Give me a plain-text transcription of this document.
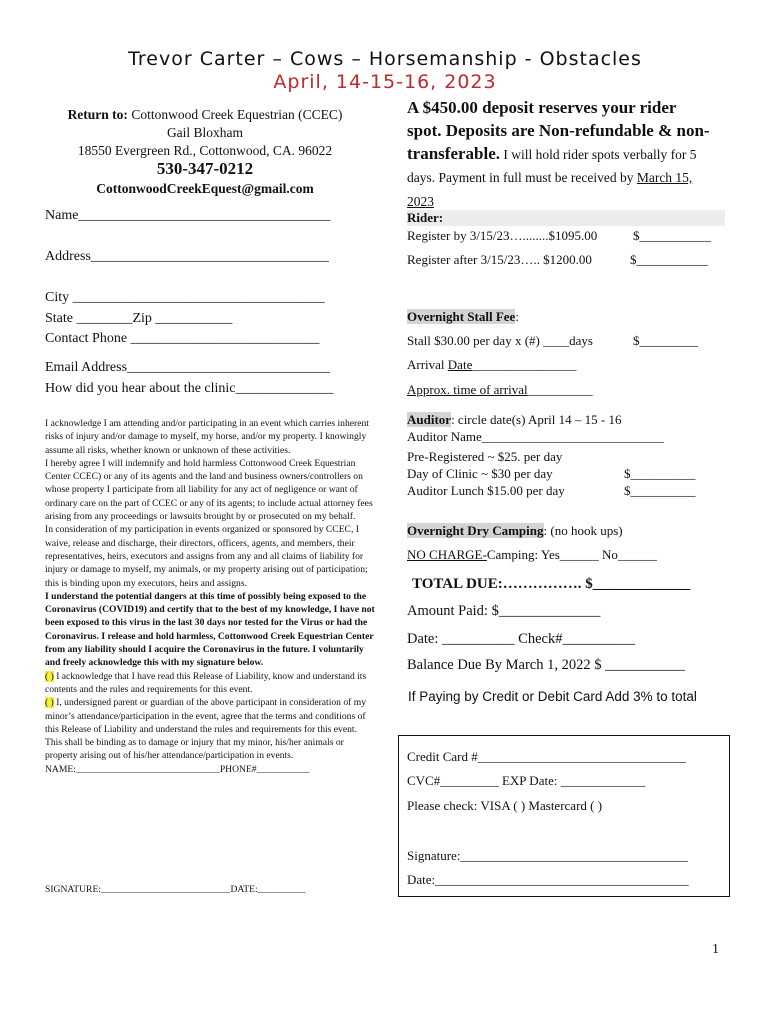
Trevor Carter – Cows – Horsemanship - Obstacles
April, 14-15-16, 2023
Return to: Cottonwood Creek Equestrian (CCEC)
Gail Bloxham
18550 Evergreen Rd., Cottonwood, CA. 96022
530-347-0212
CottonwoodCreekEquest@gmail.com
Name____________________________________
Address__________________________________
City ____________________________________
State ________Zip ___________
Contact Phone ___________________________
Email Address_____________________________
How did you hear about the clinic______________
I acknowledge I am attending and/or participating in an event which carries inherent risks of injury and/or damage to myself, my horse, and/or my property. I knowingly assume all risks, whether known or unknown of these activities.
I hereby agree I will indemnify and hold harmless Cottonwood Creek Equestrian Center CCEC) or any of its agents and the land and business owners/controllers on whose property I participate from all liability for any act of negligence or want of ordinary care on the part of CCEC or any of its agents; to include actual attorney fees arising from any proceedings or lawsuits brought by or prosecuted on my behalf.
In consideration of my participation in events organized or sponsored by CCEC, I waive, release and discharge, their directors, officers, agents, and members, their representatives, heirs, executors and assigns from any and all claims of liability for injury or damage to myself, my animals, or my property arising out of participation; this is binding upon my executors, heirs and assigns.
I understand the potential dangers at this time of possibly being exposed to the Coronavirus (COVID19) and certify that to the best of my knowledge, I have not been exposed to this virus in the last 30 days nor tested for the Virus or had the Coronavirus. I release and hold harmless, Cottonwood Creek Equestrian Center from any liability should I acquire the Coronavirus in the future. I voluntarily and freely acknowledge this with my signature below.
( ) I acknowledge that I have read this Release of Liability, know and understand its contents and the rules and requirements for this event.
( ) I, undersigned parent or guardian of the above participant in consideration of my minor’s attendance/participation in the event, agree that the terms and conditions of this Release of Liability and understand the rules and requirements for this event. This shall be binding as to damage or injury that my minor, his/her animals or property arising out of his/her attendance/participation in events.
NAME:______________________________PHONE#___________
SIGNATURE:___________________________DATE:__________
A $450.00 deposit reserves your rider spot. Deposits are Non-refundable & non-transferable. I will hold rider spots verbally for 5 days. Payment in full must be received by March 15, 2023
Rider:
Register by 3/15/23…........$1095.00	$___________
Register after 3/15/23….. $1200.00	$___________
Overnight Stall Fee:
Stall $30.00 per day x (#) ____days	$_________
Arrival Date________________
Approx. time of arrival__________
Auditor: circle date(s) April 14 – 15 - 16
Auditor Name____________________________
Pre-Registered ~ $25. per day
Day of Clinic ~ $30 per day	$__________
Auditor Lunch $15.00 per day	$__________
Overnight Dry Camping: (no hook ups)
NO CHARGE-Camping: Yes______ No______
TOTAL DUE:……………. $_____________
Amount Paid: $______________
Date: __________ Check#__________
Balance Due By March 1, 2022 $ ___________
If Paying by Credit or Debit Card Add 3% to total
Credit Card #________________________________
CVC#_________ EXP Date: _____________
Please check: VISA ( ) Mastercard ( )
Signature:___________________________________
Date:_______________________________________
1
